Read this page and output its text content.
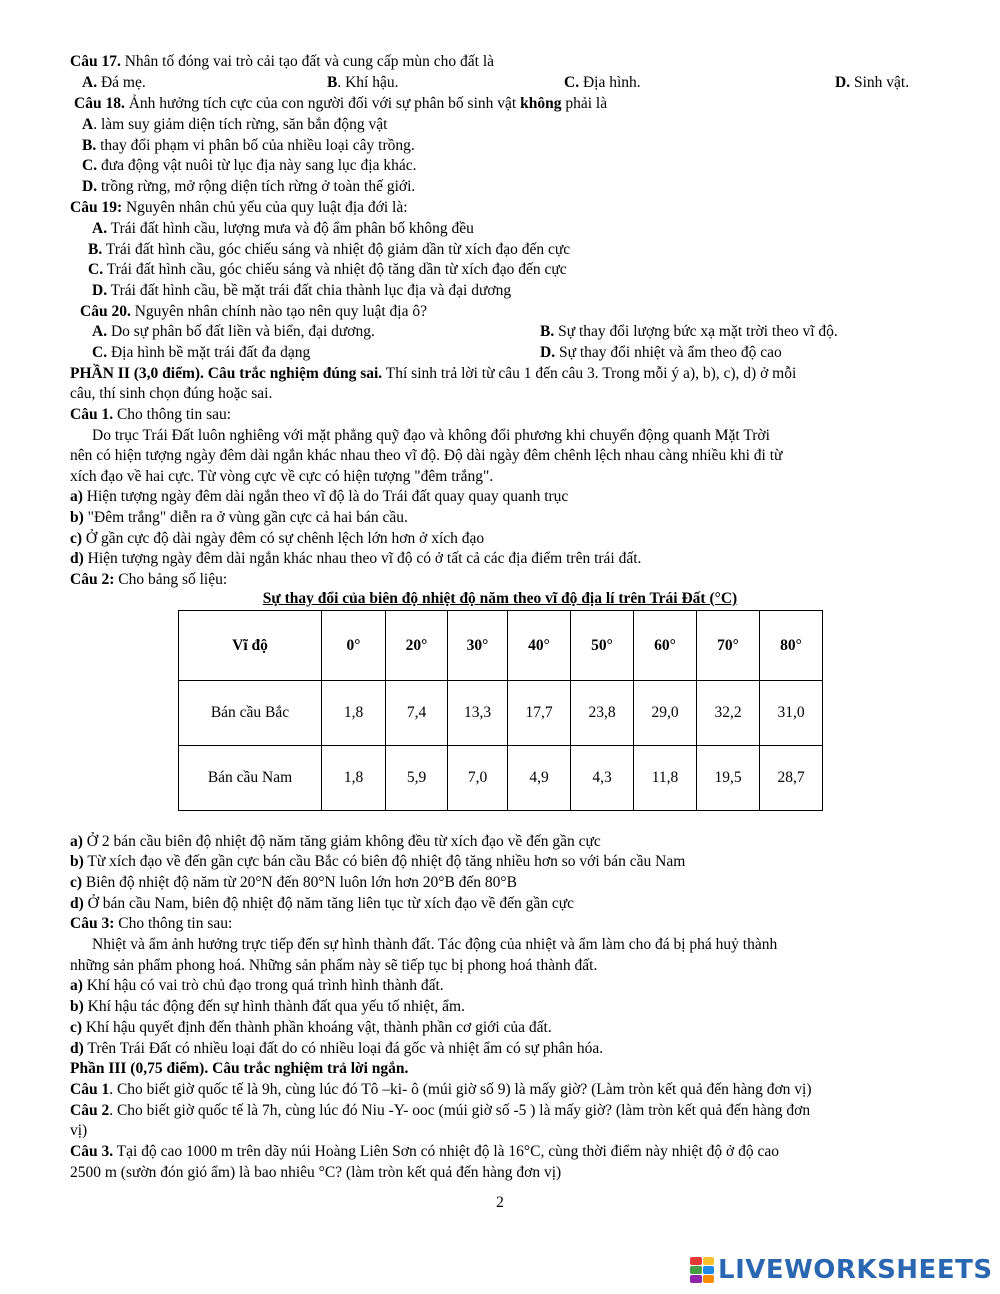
Câu 17. Nhân tố đóng vai trò cải tạo đất và cung cấp mùn cho đất là
A. Đá mẹ.	B. Khí hậu.	C. Địa hình.	D. Sinh vật.
Câu 18. Ảnh hưởng tích cực của con người đối với sự phân bố sinh vật không phải là
A. làm suy giảm diện tích rừng, săn bắn động vật
B. thay đổi phạm vi phân bố của nhiều loại cây trồng.
C. đưa động vật nuôi từ lục địa này sang lục địa khác.
D. trồng rừng, mở rộng diện tích rừng ở toàn thế giới.
Câu 19: Nguyên nhân chủ yếu của quy luật địa đới là:
A. Trái đất hình cầu, lượng mưa và độ ẩm phân bố không đều
B. Trái đất hình cầu, góc chiếu sáng và nhiệt độ giảm dần từ xích đạo đến cực
C. Trái đất hình cầu, góc chiếu sáng và nhiệt độ tăng dần từ xích đạo đến cực
D. Trái đất hình cầu, bề mặt trái đất chia thành lục địa và đại dương
Câu 20. Nguyên nhân chính nào tạo nên quy luật địa ô?
A. Do sự phân bố đất liền và biển, đại dương.	B. Sự thay đổi lượng bức xạ mặt trời theo vĩ độ.
C. Địa hình bề mặt trái đất đa dạng	D. Sự thay đổi nhiệt và ẩm theo độ cao
PHẦN II (3,0 điểm). Câu trắc nghiệm đúng sai. Thí sinh trả lời từ câu 1 đến câu 3. Trong mỗi ý a), b), c), d) ở mỗi
câu, thí sinh chọn đúng hoặc sai.
Câu 1. Cho thông tin sau:
Do trục Trái Đất luôn nghiêng với mặt phẳng quỹ đạo và không đổi phương khi chuyển động quanh Mặt Trời
nên có hiện tượng ngày đêm dài ngắn khác nhau theo vĩ độ. Độ dài ngày đêm chênh lệch nhau càng nhiều khi đi từ
xích đạo về hai cực. Từ vòng cực về cực có hiện tượng "đêm trắng".
a) Hiện tượng ngày đêm dài ngắn theo vĩ độ là do Trái đất quay quay quanh trục
b) "Đêm trắng" diễn ra ở vùng gần cực cả hai bán cầu.
c) Ở gần cực độ dài ngày đêm có sự chênh lệch lớn hơn ở xích đạo
d) Hiện tượng ngày đêm dài ngắn khác nhau theo vĩ độ có ở tất cả các địa điểm trên trái đất.
Câu 2: Cho bảng số liệu:
Sự thay đổi của biên độ nhiệt độ năm theo vĩ độ địa lí trên Trái Đất (°C)
Vĩ độ	0°	20°	30°	40°	50°	60°	70°	80°
Bán cầu Bắc	1,8	7,4	13,3	17,7	23,8	29,0	32,2	31,0
Bán cầu Nam	1,8	5,9	7,0	4,9	4,3	11,8	19,5	28,7
a) Ở 2 bán cầu biên độ nhiệt độ năm tăng giảm không đều từ xích đạo về đến gần cực
b) Từ xích đạo về đến gần cực bán cầu Bắc có biên độ nhiệt độ tăng nhiều hơn so với bán cầu Nam
c) Biên độ nhiệt độ năm từ 20°N đến 80°N luôn lớn hơn 20°B đến 80°B
d) Ở bán cầu Nam, biên độ nhiệt độ năm tăng liên tục từ xích đạo về đến gần cực
Câu 3: Cho thông tin sau:
Nhiệt và ẩm ảnh hưởng trực tiếp đến sự hình thành đất. Tác động của nhiệt và ẩm làm cho đá bị phá huỷ thành
những sản phẩm phong hoá. Những sản phẩm này sẽ tiếp tục bị phong hoá thành đất.
a) Khí hậu có vai trò chủ đạo trong quá trình hình thành đất.
b) Khí hậu tác động đến sự hình thành đất qua yếu tố nhiệt, ẩm.
c) Khí hậu quyết định đến thành phần khoáng vật, thành phần cơ giới của đất.
d) Trên Trái Đất có nhiều loại đất do có nhiều loại đá gốc và nhiệt ẩm có sự phân hóa.
Phần III (0,75 điểm). Câu trắc nghiệm trả lời ngắn.
Câu 1. Cho biết giờ quốc tế là 9h, cùng lúc đó Tô –ki- ô (múi giờ số 9) là mấy giờ? (Làm tròn kết quả đến hàng đơn vị)
Câu 2. Cho biết giờ quốc tế là 7h, cùng lúc đó Niu -Y- ooc (múi giờ số -5 ) là mấy giờ? (làm tròn kết quả đến hàng đơn
vị)
Câu 3. Tại độ cao 1000 m trên dãy núi Hoàng Liên Sơn có nhiệt độ là 16°C, cùng thời điểm này nhiệt độ ở độ cao
2500 m (sườn đón gió ẩm) là bao nhiêu °C? (làm tròn kết quả đến hàng đơn vị)
2
LIVEWORKSHEETS
